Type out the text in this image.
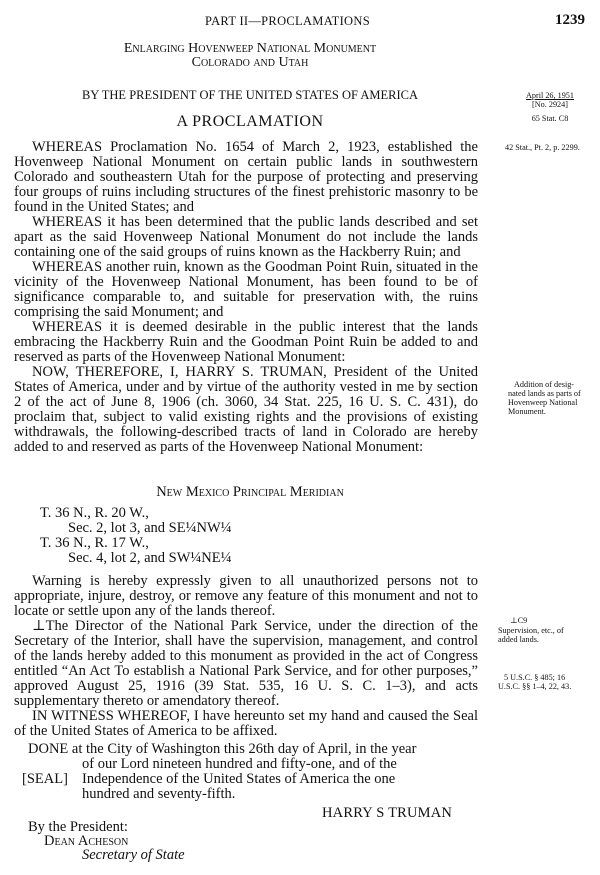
PART II—PROCLAMATIONS	1239
Enlarging Hovenweep National Monument
Colorado and Utah
BY THE PRESIDENT OF THE UNITED STATES OF AMERICA
A PROCLAMATION
April 26, 1951
[No. 2924]
65 Stat. C8
42 Stat., Pt. 2, p. 2299.
Addition of desig-
nated lands as parts of
Hovenweep National
Monument.
⊥C9
Supervision, etc., of
added lands.
5 U.S.C. § 485; 16
U.S.C. §§ 1–4, 22, 43.

WHEREAS Proclamation No. 1654 of March 2, 1923, established the Hovenweep National Monument on certain public lands in southwestern Colorado and southeastern Utah for the purpose of protecting and preserving four groups of ruins including structures of the finest prehistoric masonry to be found in the United States; and

WHEREAS it has been determined that the public lands described and set apart as the said Hovenweep National Monument do not include the lands containing one of the said groups of ruins known as the Hackberry Ruin; and

WHEREAS another ruin, known as the Goodman Point Ruin, situated in the vicinity of the Hovenweep National Monument, has been found to be of significance comparable to, and suitable for preservation with, the ruins comprising the said Monument; and

WHEREAS it is deemed desirable in the public interest that the lands embracing the Hackberry Ruin and the Goodman Point Ruin be added to and reserved as parts of the Hovenweep National Monument:

NOW, THEREFORE, I, HARRY S. TRUMAN, President of the United States of America, under and by virtue of the authority vested in me by section 2 of the act of June 8, 1906 (ch. 3060, 34 Stat. 225, 16 U. S. C. 431), do proclaim that, subject to valid existing rights and the provisions of existing withdrawals, the following-described tracts of land in Colorado are hereby added to and reserved as parts of the Hovenweep National Monument:

New Mexico Principal Meridian
T. 36 N., R. 20 W.,
Sec. 2, lot 3, and SE¼NW¼
T. 36 N., R. 17 W.,
Sec. 4, lot 2, and SW¼NE¼

Warning is hereby expressly given to all unauthorized persons not to appropriate, injure, destroy, or remove any feature of this monument and not to locate or settle upon any of the lands thereof.

⊥The Director of the National Park Service, under the direction of the Secretary of the Interior, shall have the supervision, management, and control of the lands hereby added to this monument as provided in the act of Congress entitled “An Act To establish a National Park Service, and for other purposes,” approved August 25, 1916 (39 Stat. 535, 16 U. S. C. 1–3), and acts supplementary thereto or amendatory thereof.

IN WITNESS WHEREOF, I have hereunto set my hand and caused the Seal of the United States of America to be affixed.

DONE at the City of Washington this 26th day of April, in the year
of our Lord nineteen hundred and fifty-one, and of the
[SEAL] Independence of the United States of America the one
hundred and seventy-fifth.
HARRY S TRUMAN
By the President:
Dean Acheson
Secretary of State
